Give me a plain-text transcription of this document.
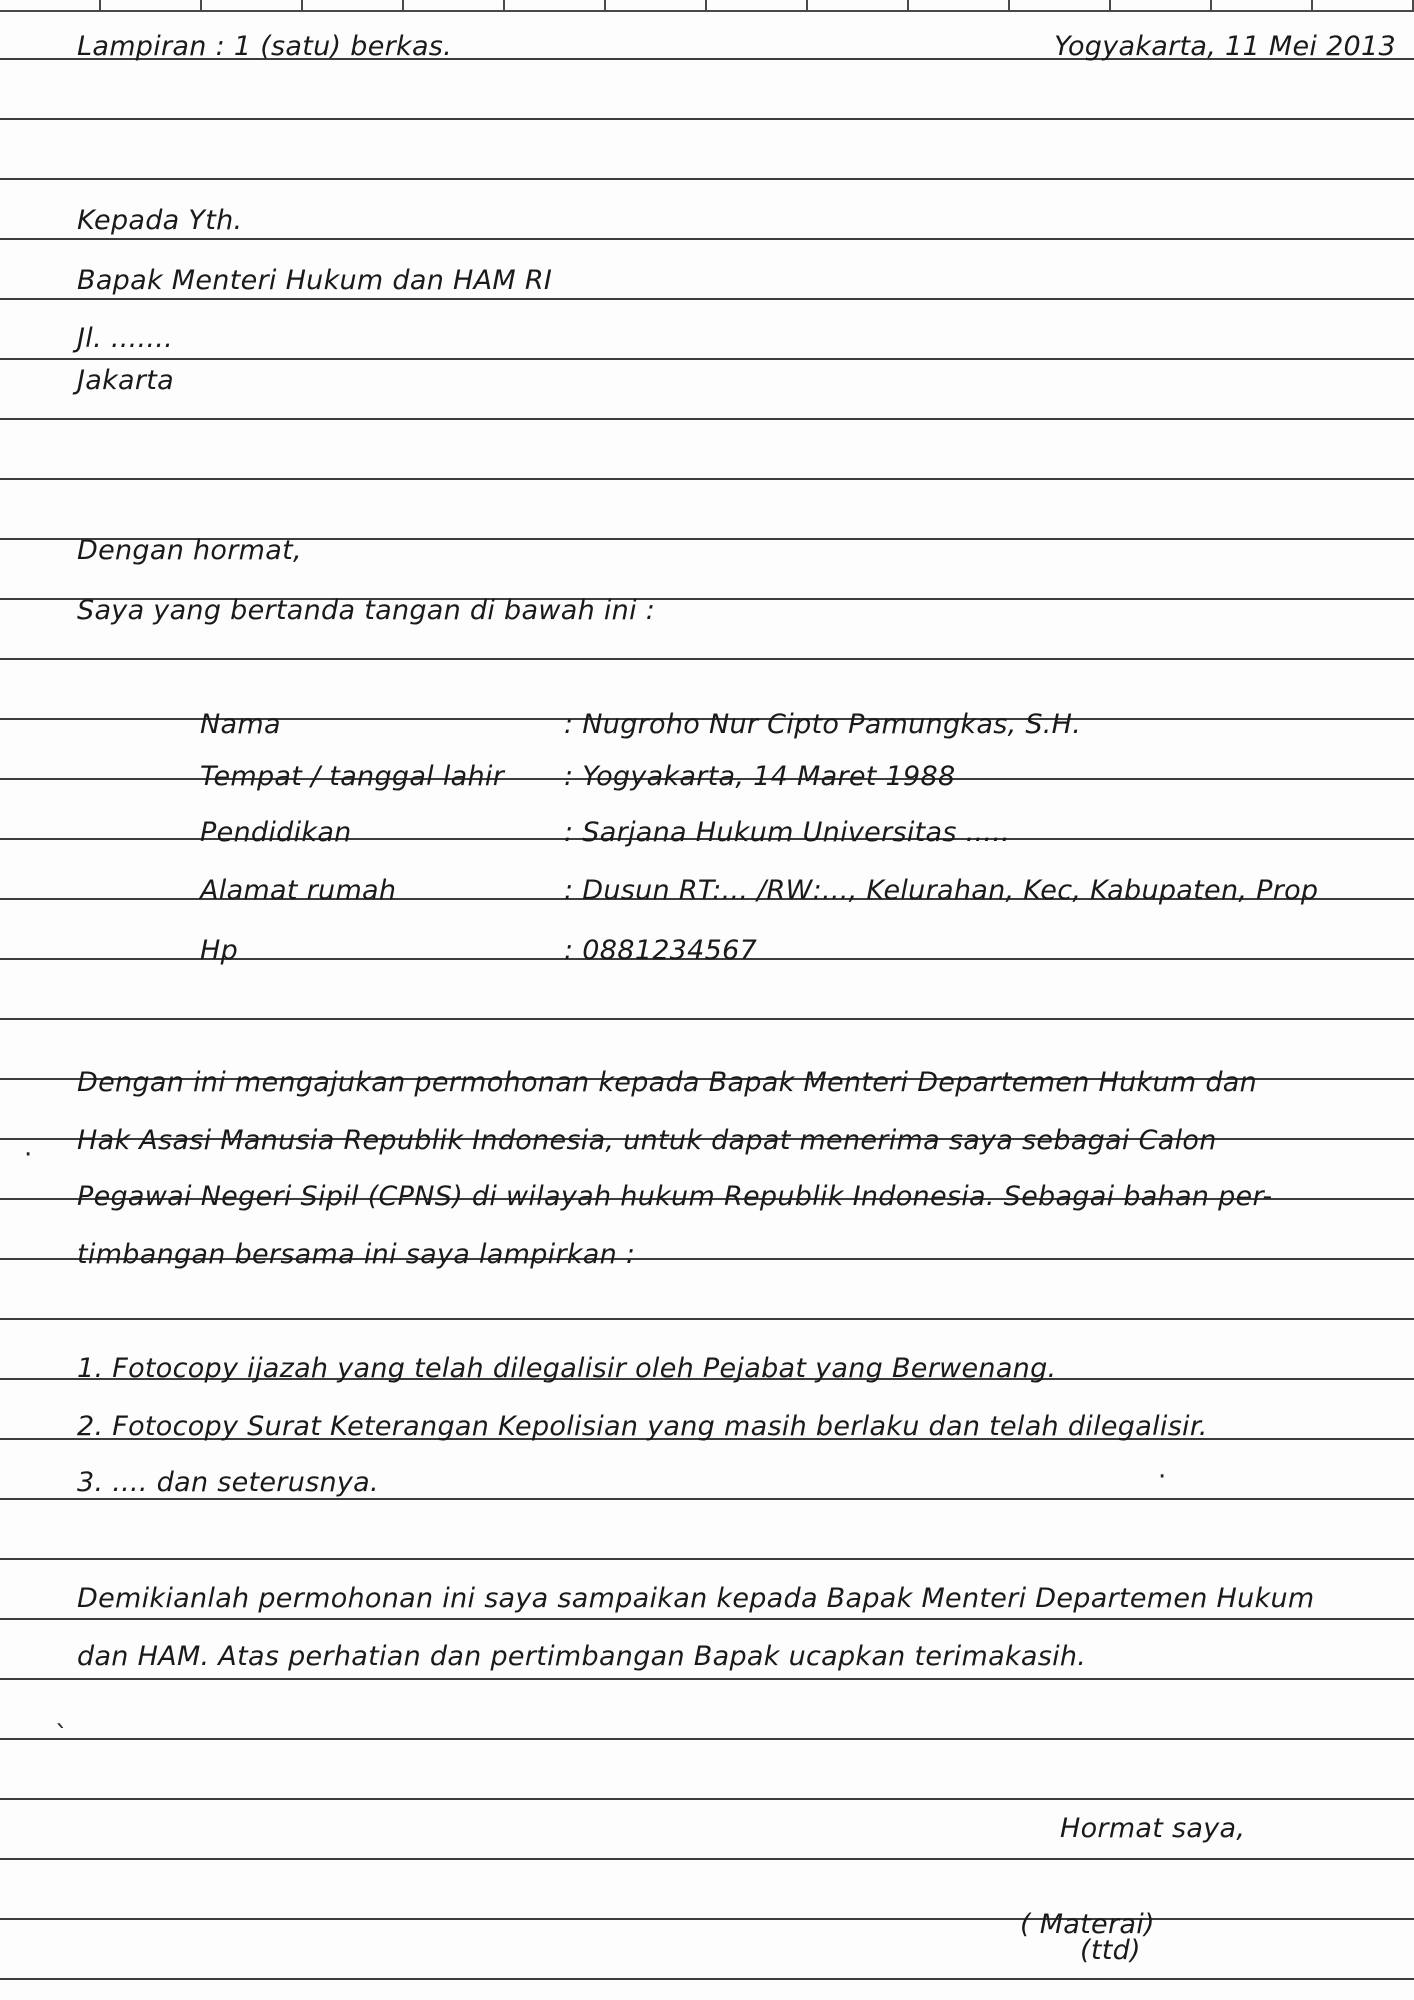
Lampiran : 1 (satu) berkas.	Yogyakarta, 11 Mei 2013

Kepada Yth.

Bapak Menteri Hukum dan HAM RI

Jl. .......

Jakarta

Dengan hormat,

Saya yang bertanda tangan di bawah ini :

Nama	: Nugroho Nur Cipto Pamungkas, S.H.
Tempat / tanggal lahir : Yogyakarta, 14 Maret 1988
Pendidikan	: Sarjana Hukum Universitas .....
Alamat rumah	: Dusun RT:... /RW:..., Kelurahan, Kec, Kabupaten, Prop
Hp	: 0881234567

Dengan ini mengajukan permohonan kepada Bapak Menteri Departemen Hukum dan

Hak Asasi Manusia Republik Indonesia, untuk dapat menerima saya sebagai Calon

Pegawai Negeri Sipil (CPNS) di wilayah hukum Republik Indonesia. Sebagai bahan per-

timbangan bersama ini saya lampirkan :

1. Fotocopy ijazah yang telah dilegalisir oleh Pejabat yang Berwenang.

2. Fotocopy Surat Keterangan Kepolisian yang masih berlaku dan telah dilegalisir.

3. .... dan seterusnya.

Demikianlah permohonan ini saya sampaikan kepada Bapak Menteri Departemen Hukum

dan HAM. Atas perhatian dan pertimbangan Bapak ucapkan terimakasih.

Hormat saya,

( Materai)

(ttd)

·
ˎ
·
